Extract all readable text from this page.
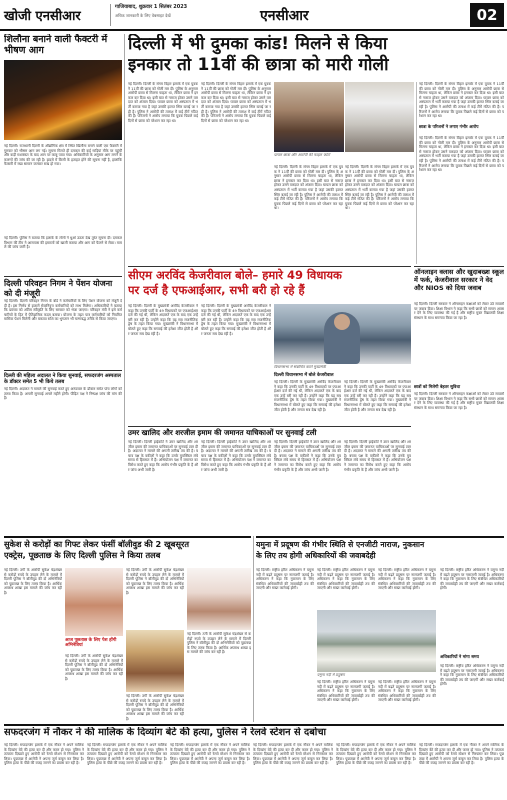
खोजी एनसीआर
गाजियाबाद, शुक्रवार 1 सितंबर 2023
अधिक जानकारी के लिए वेबसाइट देखें	एनसीआर	02
शिलौना बनाने वाली फैक्टरी में भीषण आग
नई दिल्ली। राजधानी दिल्ली के औद्योगिक क्षेत्र में स्थित खिलौना बनाने वाली एक फैक्टरी में गुरुवार को भीषण आग लग गई। सूचना मिलते ही दमकल की कई गाड़ियां मौके पर पहुंचीं और कड़ी मशक्कत के बाद आग पर काबू पाया गया। अधिकारियों के अनुसार आग लगने के कारणों की जांच की जा रही है। हादसे में किसी के हताहत होने की सूचना नहीं है, हालांकि फैक्टरी में रखा सामान जलकर राख हो गया।
नई दिल्ली। पुलिस ने बताया कि इलाके के लोगों ने धुआं उठता देख तुरंत सूचना दी। दमकल विभाग की टीम ने आसपास की इमारतों को खाली कराया और आग को फैलने से रोका। मामले की जांच जारी है।
दिल्ली परिवहन निगम ने पेंशन योजना को दी मंजूरी
नई दिल्ली। दिल्ली परिवहन निगम के बोर्ड ने कर्मचारियों के लिए पेंशन योजना को मंजूरी दे दी है। इस निर्णय से हजारों सेवानिवृत्त कर्मचारियों को लाभ मिलेगा। अधिकारियों ने बताया कि प्रस्ताव को अंतिम स्वीकृति के लिए सरकार को भेजा जाएगा। परिवहन मंत्री ने इसे कर्मचारियों के हित में ऐतिहासिक कदम बताया। योजना के तहत पात्र कर्मचारियों को नियमित मासिक पेंशन मिलेगी और बकाया राशि का भुगतान भी चरणबद्ध तरीके से किया जाएगा।
दिल्ली की महिला अदालत ने किया सुनवाई, सफदरजंग अस्पताल के डॉक्टर समेत 5 भी किये तलब
नई दिल्ली। अदालत ने मामले की सुनवाई करते हुए अस्पताल के डॉक्टर समेत पांच लोगों को तलब किया है। अगली सुनवाई अगले महीने होगी। पीड़ित पक्ष ने निष्पक्ष जांच की मांग की है।
दिल्ली में भी दुमका कांड! मिलने से किया
इनकार तो 11वीं की छात्रा को मारी गोली
नई दिल्ली। दिल्ली के संगम विहार इलाके में एक युवक ने 11वीं की छात्रा को गोली मार दी। पुलिस के अनुसार आरोपी छात्रा से मिलना चाहता था, लेकिन छात्रा ने इनकार कर दिया था। इसी बात से नाराज होकर उसने वारदात को अंजाम दिया। घायल छात्रा को अस्पताल में भर्ती कराया गया है जहां उसकी हालत स्थिर बताई जा रही है। पुलिस ने आरोपी की तलाश में कई टीमें गठित की हैं। परिजनों ने आरोप लगाया कि युवक पिछले कई दिनों से छात्रा को परेशान कर रहा था।
नई दिल्ली। दिल्ली के संगम विहार इलाके में एक युवक ने 11वीं की छात्रा को गोली मार दी। पुलिस के अनुसार आरोपी छात्रा से मिलना चाहता था, लेकिन छात्रा ने इनकार कर दिया था। इसी बात से नाराज होकर उसने वारदात को अंजाम दिया। घायल छात्रा को अस्पताल में भर्ती कराया गया है जहां उसकी हालत स्थिर बताई जा रही है। पुलिस ने आरोपी की तलाश में कई टीमें गठित की हैं। परिजनों ने आरोप लगाया कि युवक पिछले कई दिनों से छात्रा को परेशान कर रहा था।
घायल छात्रा और आरोपी की फाइल फोटो
नई दिल्ली। दिल्ली के संगम विहार इलाके में एक युवक ने 11वीं की छात्रा को गोली मार दी। पुलिस के अनुसार आरोपी छात्रा से मिलना चाहता था, लेकिन छात्रा ने इनकार कर दिया था। इसी बात से नाराज होकर उसने वारदात को अंजाम दिया। घायल छात्रा को अस्पताल में भर्ती कराया गया है जहां उसकी हालत स्थिर बताई जा रही है। पुलिस ने आरोपी की तलाश में कई टीमें गठित की हैं। परिजनों ने आरोप लगाया कि युवक पिछले कई दिनों से छात्रा को परेशान कर रहा था।
नई दिल्ली। दिल्ली के संगम विहार इलाके में एक युवक ने 11वीं की छात्रा को गोली मार दी। पुलिस के अनुसार आरोपी छात्रा से मिलना चाहता था, लेकिन छात्रा ने इनकार कर दिया था। इसी बात से नाराज होकर उसने वारदात को अंजाम दिया। घायल छात्रा को अस्पताल में भर्ती कराया गया है जहां उसकी हालत स्थिर बताई जा रही है। पुलिस ने आरोपी की तलाश में कई टीमें गठित की हैं। परिजनों ने आरोप लगाया कि युवक पिछले कई दिनों से छात्रा को परेशान कर रहा था।
नई दिल्ली। दिल्ली के संगम विहार इलाके में एक युवक ने 11वीं की छात्रा को गोली मार दी। पुलिस के अनुसार आरोपी छात्रा से मिलना चाहता था, लेकिन छात्रा ने इनकार कर दिया था। इसी बात से नाराज होकर उसने वारदात को अंजाम दिया। घायल छात्रा को अस्पताल में भर्ती कराया गया है जहां उसकी हालत स्थिर बताई जा रही है। पुलिस ने आरोपी की तलाश में कई टीमें गठित की हैं। परिजनों ने आरोप लगाया कि युवक पिछले कई दिनों से छात्रा को परेशान कर रहा था।
छात्रा के परिजनों ने लगाए गंभीर आरोप
नई दिल्ली। दिल्ली के संगम विहार इलाके में एक युवक ने 11वीं की छात्रा को गोली मार दी। पुलिस के अनुसार आरोपी छात्रा से मिलना चाहता था, लेकिन छात्रा ने इनकार कर दिया था। इसी बात से नाराज होकर उसने वारदात को अंजाम दिया। घायल छात्रा को अस्पताल में भर्ती कराया गया है जहां उसकी हालत स्थिर बताई जा रही है। पुलिस ने आरोपी की तलाश में कई टीमें गठित की हैं। परिजनों ने आरोप लगाया कि युवक पिछले कई दिनों से छात्रा को परेशान कर रहा था।
सीएम अरविंद केजरीवाल बोले– हमारे 49 विधायक
पर दर्ज है एफआईआर, सभी बरी हो रहे हैं
नई दिल्ली। दिल्ली के मुख्यमंत्री अरविंद केजरीवाल ने कहा कि उनकी पार्टी के 49 विधायकों पर एफआईआर दर्ज की गई थी, लेकिन अदालतें एक के बाद एक उन्हें बरी कर रही हैं। उन्होंने कहा कि यह सब राजनीतिक द्वेष के तहत किया गया। मुख्यमंत्री ने विधानसभा में बोलते हुए कहा कि सच्चाई की हमेशा जीत होती है और जनता सब देख रही है।
नई दिल्ली। दिल्ली के मुख्यमंत्री अरविंद केजरीवाल ने कहा कि उनकी पार्टी के 49 विधायकों पर एफआईआर दर्ज की गई थी, लेकिन अदालतें एक के बाद एक उन्हें बरी कर रही हैं। उन्होंने कहा कि यह सब राजनीतिक द्वेष के तहत किया गया। मुख्यमंत्री ने विधानसभा में बोलते हुए कहा कि सच्चाई की हमेशा जीत होती है और जनता सब देख रही है।
विधानसभा में संबोधित करते मुख्यमंत्री
दिल्ली विधानसभा में बोले केजरीवाल
नई दिल्ली। दिल्ली के मुख्यमंत्री अरविंद केजरीवाल ने कहा कि उनकी पार्टी के 49 विधायकों पर एफआईआर दर्ज की गई थी, लेकिन अदालतें एक के बाद एक उन्हें बरी कर रही हैं। उन्होंने कहा कि यह सब राजनीतिक द्वेष के तहत किया गया। मुख्यमंत्री ने विधानसभा में बोलते हुए कहा कि सच्चाई की हमेशा जीत होती है और जनता सब देख रही है।
नई दिल्ली। दिल्ली के मुख्यमंत्री अरविंद केजरीवाल ने कहा कि उनकी पार्टी के 49 विधायकों पर एफआईआर दर्ज की गई थी, लेकिन अदालतें एक के बाद एक उन्हें बरी कर रही हैं। उन्होंने कहा कि यह सब राजनीतिक द्वेष के तहत किया गया। मुख्यमंत्री ने विधानसभा में बोलते हुए कहा कि सच्चाई की हमेशा जीत होती है और जनता सब देख रही है।
ऑनलाइन क्लास और खुदाबख्श स्कूल में फर्क, केजरीवाल सरकार ने वेद और NIOS को दिया जवाब
नई दिल्ली। दिल्ली सरकार ने ऑनलाइन कक्षाओं को लेकर उठे सवालों पर जवाब दिया। शिक्षा विभाग ने कहा कि सभी छात्रों को समान अवसर देने के लिए व्यवस्था की गई है और राष्ट्रीय मुक्त विद्यालयी शिक्षा संस्थान के साथ समन्वय किया जा रहा है।
छात्रों को मिलेगी बेहतर सुविधा
नई दिल्ली। दिल्ली सरकार ने ऑनलाइन कक्षाओं को लेकर उठे सवालों पर जवाब दिया। शिक्षा विभाग ने कहा कि सभी छात्रों को समान अवसर देने के लिए व्यवस्था की गई है और राष्ट्रीय मुक्त विद्यालयी शिक्षा संस्थान के साथ समन्वय किया जा रहा है।
उमर खालिद और शरजील इमाम की जमानत याचिकाओं पर सुनवाई टली
नई दिल्ली। दिल्ली हाईकोर्ट ने उमर खालिद और शरजील इमाम की जमानत याचिकाओं पर सुनवाई टाल दी है। अदालत ने मामले की अगली तारीख तय की है। बचाव पक्ष के वकीलों ने कहा कि उनके मुवक्किल लंबे समय से हिरासत में हैं। अभियोजन पक्ष ने जमानत का विरोध करते हुए कहा कि आरोप गंभीर प्रकृति के हैं और जांच अभी जारी है।
नई दिल्ली। दिल्ली हाईकोर्ट ने उमर खालिद और शरजील इमाम की जमानत याचिकाओं पर सुनवाई टाल दी है। अदालत ने मामले की अगली तारीख तय की है। बचाव पक्ष के वकीलों ने कहा कि उनके मुवक्किल लंबे समय से हिरासत में हैं। अभियोजन पक्ष ने जमानत का विरोध करते हुए कहा कि आरोप गंभीर प्रकृति के हैं और जांच अभी जारी है।
नई दिल्ली। दिल्ली हाईकोर्ट ने उमर खालिद और शरजील इमाम की जमानत याचिकाओं पर सुनवाई टाल दी है। अदालत ने मामले की अगली तारीख तय की है। बचाव पक्ष के वकीलों ने कहा कि उनके मुवक्किल लंबे समय से हिरासत में हैं। अभियोजन पक्ष ने जमानत का विरोध करते हुए कहा कि आरोप गंभीर प्रकृति के हैं और जांच अभी जारी है।
नई दिल्ली। दिल्ली हाईकोर्ट ने उमर खालिद और शरजील इमाम की जमानत याचिकाओं पर सुनवाई टाल दी है। अदालत ने मामले की अगली तारीख तय की है। बचाव पक्ष के वकीलों ने कहा कि उनके मुवक्किल लंबे समय से हिरासत में हैं। अभियोजन पक्ष ने जमानत का विरोध करते हुए कहा कि आरोप गंभीर प्रकृति के हैं और जांच अभी जारी है।
सुकेश से करोड़ों का गिफ्ट लेकर फंसीं बॉलीवुड की 2 खूबसूरत
एक्ट्रेस, पूछताछ के लिए दिल्ली पुलिस ने किया तलब
नई दिल्ली। ठगी के आरोपी सुकेश चंद्रशेखर से करोड़ों रुपये के उपहार लेने के मामले में दिल्ली पुलिस ने बॉलीवुड की दो अभिनेत्रियों को पूछताछ के लिए तलब किया है। आर्थिक अपराध शाखा इस मामले की जांच कर रही है।
आज पूछताछ के लिए पेश होंगी अभिनेत्रियां
नई दिल्ली। ठगी के आरोपी सुकेश चंद्रशेखर से करोड़ों रुपये के उपहार लेने के मामले में दिल्ली पुलिस ने बॉलीवुड की दो अभिनेत्रियों को पूछताछ के लिए तलब किया है। आर्थिक अपराध शाखा इस मामले की जांच कर रही है।
नई दिल्ली। ठगी के आरोपी सुकेश चंद्रशेखर से करोड़ों रुपये के उपहार लेने के मामले में दिल्ली पुलिस ने बॉलीवुड की दो अभिनेत्रियों को पूछताछ के लिए तलब किया है। आर्थिक अपराध शाखा इस मामले की जांच कर रही है।
नई दिल्ली। ठगी के आरोपी सुकेश चंद्रशेखर से करोड़ों रुपये के उपहार लेने के मामले में दिल्ली पुलिस ने बॉलीवुड की दो अभिनेत्रियों को पूछताछ के लिए तलब किया है। आर्थिक अपराध शाखा इस मामले की जांच कर रही है।
नई दिल्ली। ठगी के आरोपी सुकेश चंद्रशेखर से करोड़ों रुपये के उपहार लेने के मामले में दिल्ली पुलिस ने बॉलीवुड की दो अभिनेत्रियों को पूछताछ के लिए तलब किया है। आर्थिक अपराध शाखा इस मामले की जांच कर रही है।
यमुना में प्रदूषण की गंभीर स्थिति से एनजीटी नाराज, नुकसान
के लिए तय होगी अधिकारियों की जवाबदेही
नई दिल्ली। राष्ट्रीय हरित अधिकरण ने यमुना नदी में बढ़ते प्रदूषण पर नाराजगी जताई है। अधिकरण ने कहा कि नुकसान के लिए संबंधित अधिकारियों की जवाबदेही तय की जाएगी और सख्त कार्रवाई होगी।
नई दिल्ली। राष्ट्रीय हरित अधिकरण ने यमुना नदी में बढ़ते प्रदूषण पर नाराजगी जताई है। अधिकरण ने कहा कि नुकसान के लिए संबंधित अधिकारियों की जवाबदेही तय की जाएगी और सख्त कार्रवाई होगी।
नई दिल्ली। राष्ट्रीय हरित अधिकरण ने यमुना नदी में बढ़ते प्रदूषण पर नाराजगी जताई है। अधिकरण ने कहा कि नुकसान के लिए संबंधित अधिकारियों की जवाबदेही तय की जाएगी और सख्त कार्रवाई होगी।
यमुना नदी में प्रदूषण
नई दिल्ली। राष्ट्रीय हरित अधिकरण ने यमुना नदी में बढ़ते प्रदूषण पर नाराजगी जताई है। अधिकरण ने कहा कि नुकसान के लिए संबंधित अधिकारियों की जवाबदेही तय की जाएगी और सख्त कार्रवाई होगी।
नई दिल्ली। राष्ट्रीय हरित अधिकरण ने यमुना नदी में बढ़ते प्रदूषण पर नाराजगी जताई है। अधिकरण ने कहा कि नुकसान के लिए संबंधित अधिकारियों की जवाबदेही तय की जाएगी और सख्त कार्रवाई होगी।
नई दिल्ली। राष्ट्रीय हरित अधिकरण ने यमुना नदी में बढ़ते प्रदूषण पर नाराजगी जताई है। अधिकरण ने कहा कि नुकसान के लिए संबंधित अधिकारियों की जवाबदेही तय की जाएगी और सख्त कार्रवाई होगी।
अधिकारियों ने मांगा समय
नई दिल्ली। राष्ट्रीय हरित अधिकरण ने यमुना नदी में बढ़ते प्रदूषण पर नाराजगी जताई है। अधिकरण ने कहा कि नुकसान के लिए संबंधित अधिकारियों की जवाबदेही तय की जाएगी और सख्त कार्रवाई होगी।
सफदरजंग में नौकर ने की मालिक के दिव्यांग बेटे की हत्या, पुलिस ने रेलवे स्टेशन से दबोचा
नई दिल्ली। सफदरजंग इलाके में एक नौकर ने अपने मालिक के दिव्यांग बेटे की हत्या कर दी और फरार हो गया। पुलिस ने तत्परता दिखाते हुए आरोपी को रेलवे स्टेशन से गिरफ्तार कर लिया। पूछताछ में आरोपी ने अपना जुर्म कबूल कर लिया है। पुलिस हत्या के पीछे की वजह जानने का प्रयास कर रही है।
नई दिल्ली। सफदरजंग इलाके में एक नौकर ने अपने मालिक के दिव्यांग बेटे की हत्या कर दी और फरार हो गया। पुलिस ने तत्परता दिखाते हुए आरोपी को रेलवे स्टेशन से गिरफ्तार कर लिया। पूछताछ में आरोपी ने अपना जुर्म कबूल कर लिया है। पुलिस हत्या के पीछे की वजह जानने का प्रयास कर रही है।
नई दिल्ली। सफदरजंग इलाके में एक नौकर ने अपने मालिक के दिव्यांग बेटे की हत्या कर दी और फरार हो गया। पुलिस ने तत्परता दिखाते हुए आरोपी को रेलवे स्टेशन से गिरफ्तार कर लिया। पूछताछ में आरोपी ने अपना जुर्म कबूल कर लिया है। पुलिस हत्या के पीछे की वजह जानने का प्रयास कर रही है।
नई दिल्ली। सफदरजंग इलाके में एक नौकर ने अपने मालिक के दिव्यांग बेटे की हत्या कर दी और फरार हो गया। पुलिस ने तत्परता दिखाते हुए आरोपी को रेलवे स्टेशन से गिरफ्तार कर लिया। पूछताछ में आरोपी ने अपना जुर्म कबूल कर लिया है। पुलिस हत्या के पीछे की वजह जानने का प्रयास कर रही है।
नई दिल्ली। सफदरजंग इलाके में एक नौकर ने अपने मालिक के दिव्यांग बेटे की हत्या कर दी और फरार हो गया। पुलिस ने तत्परता दिखाते हुए आरोपी को रेलवे स्टेशन से गिरफ्तार कर लिया। पूछताछ में आरोपी ने अपना जुर्म कबूल कर लिया है। पुलिस हत्या के पीछे की वजह जानने का प्रयास कर रही है।
नई दिल्ली। सफदरजंग इलाके में एक नौकर ने अपने मालिक के दिव्यांग बेटे की हत्या कर दी और फरार हो गया। पुलिस ने तत्परता दिखाते हुए आरोपी को रेलवे स्टेशन से गिरफ्तार कर लिया। पूछताछ में आरोपी ने अपना जुर्म कबूल कर लिया है। पुलिस हत्या के पीछे की वजह जानने का प्रयास कर रही है।
